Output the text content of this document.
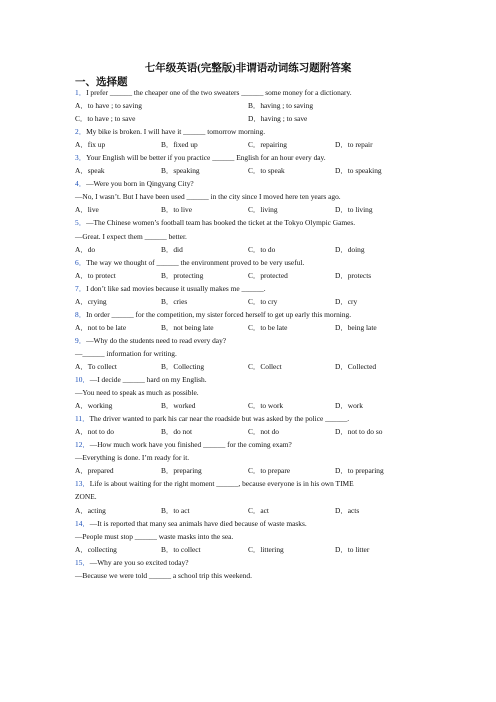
七年级英语(完整版)非谓语动词练习题附答案
一、选择题
1．I prefer ______ the cheaper one of the two sweaters ______ some money for a dictionary.
A．to have ; to saving	B．having ; to saving
C．to have ; to save	D．having ; to save
2．My bike is broken. I will have it ______ tomorrow morning.
A．fix up	B．fixed up	C．repairing	D．to repair
3．Your English will be better if you practice ______ English for an hour every day.
A．speak	B．speaking	C．to speak	D．to speaking
4．—Were you born in Qingyang City?
—No, I wasn’t. But I have been used ______ in the city since I moved here ten years ago.
A．live	B．to live	C．living	D．to living
5．—The Chinese women’s football team has booked the ticket at the Tokyo Olympic Games.
—Great. I expect them ______ better.
A．do	B．did	C．to do	D．doing
6．The way we thought of ______ the environment proved to be very useful.
A．to protect	B．protecting	C．protected	D．protects
7．I don’t like sad movies because it usually makes me ______.
A．crying	B．cries	C．to cry	D．cry
8．In order ______ for the competition, my sister forced herself to get up early this morning.
A．not to be late	B．not being late	C．to be late	D．being late
9．—Why do the students need to read every day?
—______ information for writing.
A．To collect	B．Collecting	C．Collect	D．Collected
10．—I decide ______ hard on my English.
—You need to speak as much as possible.
A．working	B．worked	C．to work	D．work
11．The driver wanted to park his car near the roadside but was asked by the police ______.
A．not to do	B．do not	C．not do	D．not to do so
12．—How much work have you finished ______ for the coming exam?
—Everything is done. I’m ready for it.
A．prepared	B．preparing	C．to prepare	D．to preparing
13．Life is about waiting for the right moment ______, because everyone is in his own TIME
ZONE.
A．acting	B．to act	C．act	D．acts
14．—It is reported that many sea animals have died because of waste masks.
—People must stop ______ waste masks into the sea.
A．collecting	B．to collect	C．littering	D．to litter
15．—Why are you so excited today?
—Because we were told ______ a school trip this weekend.
